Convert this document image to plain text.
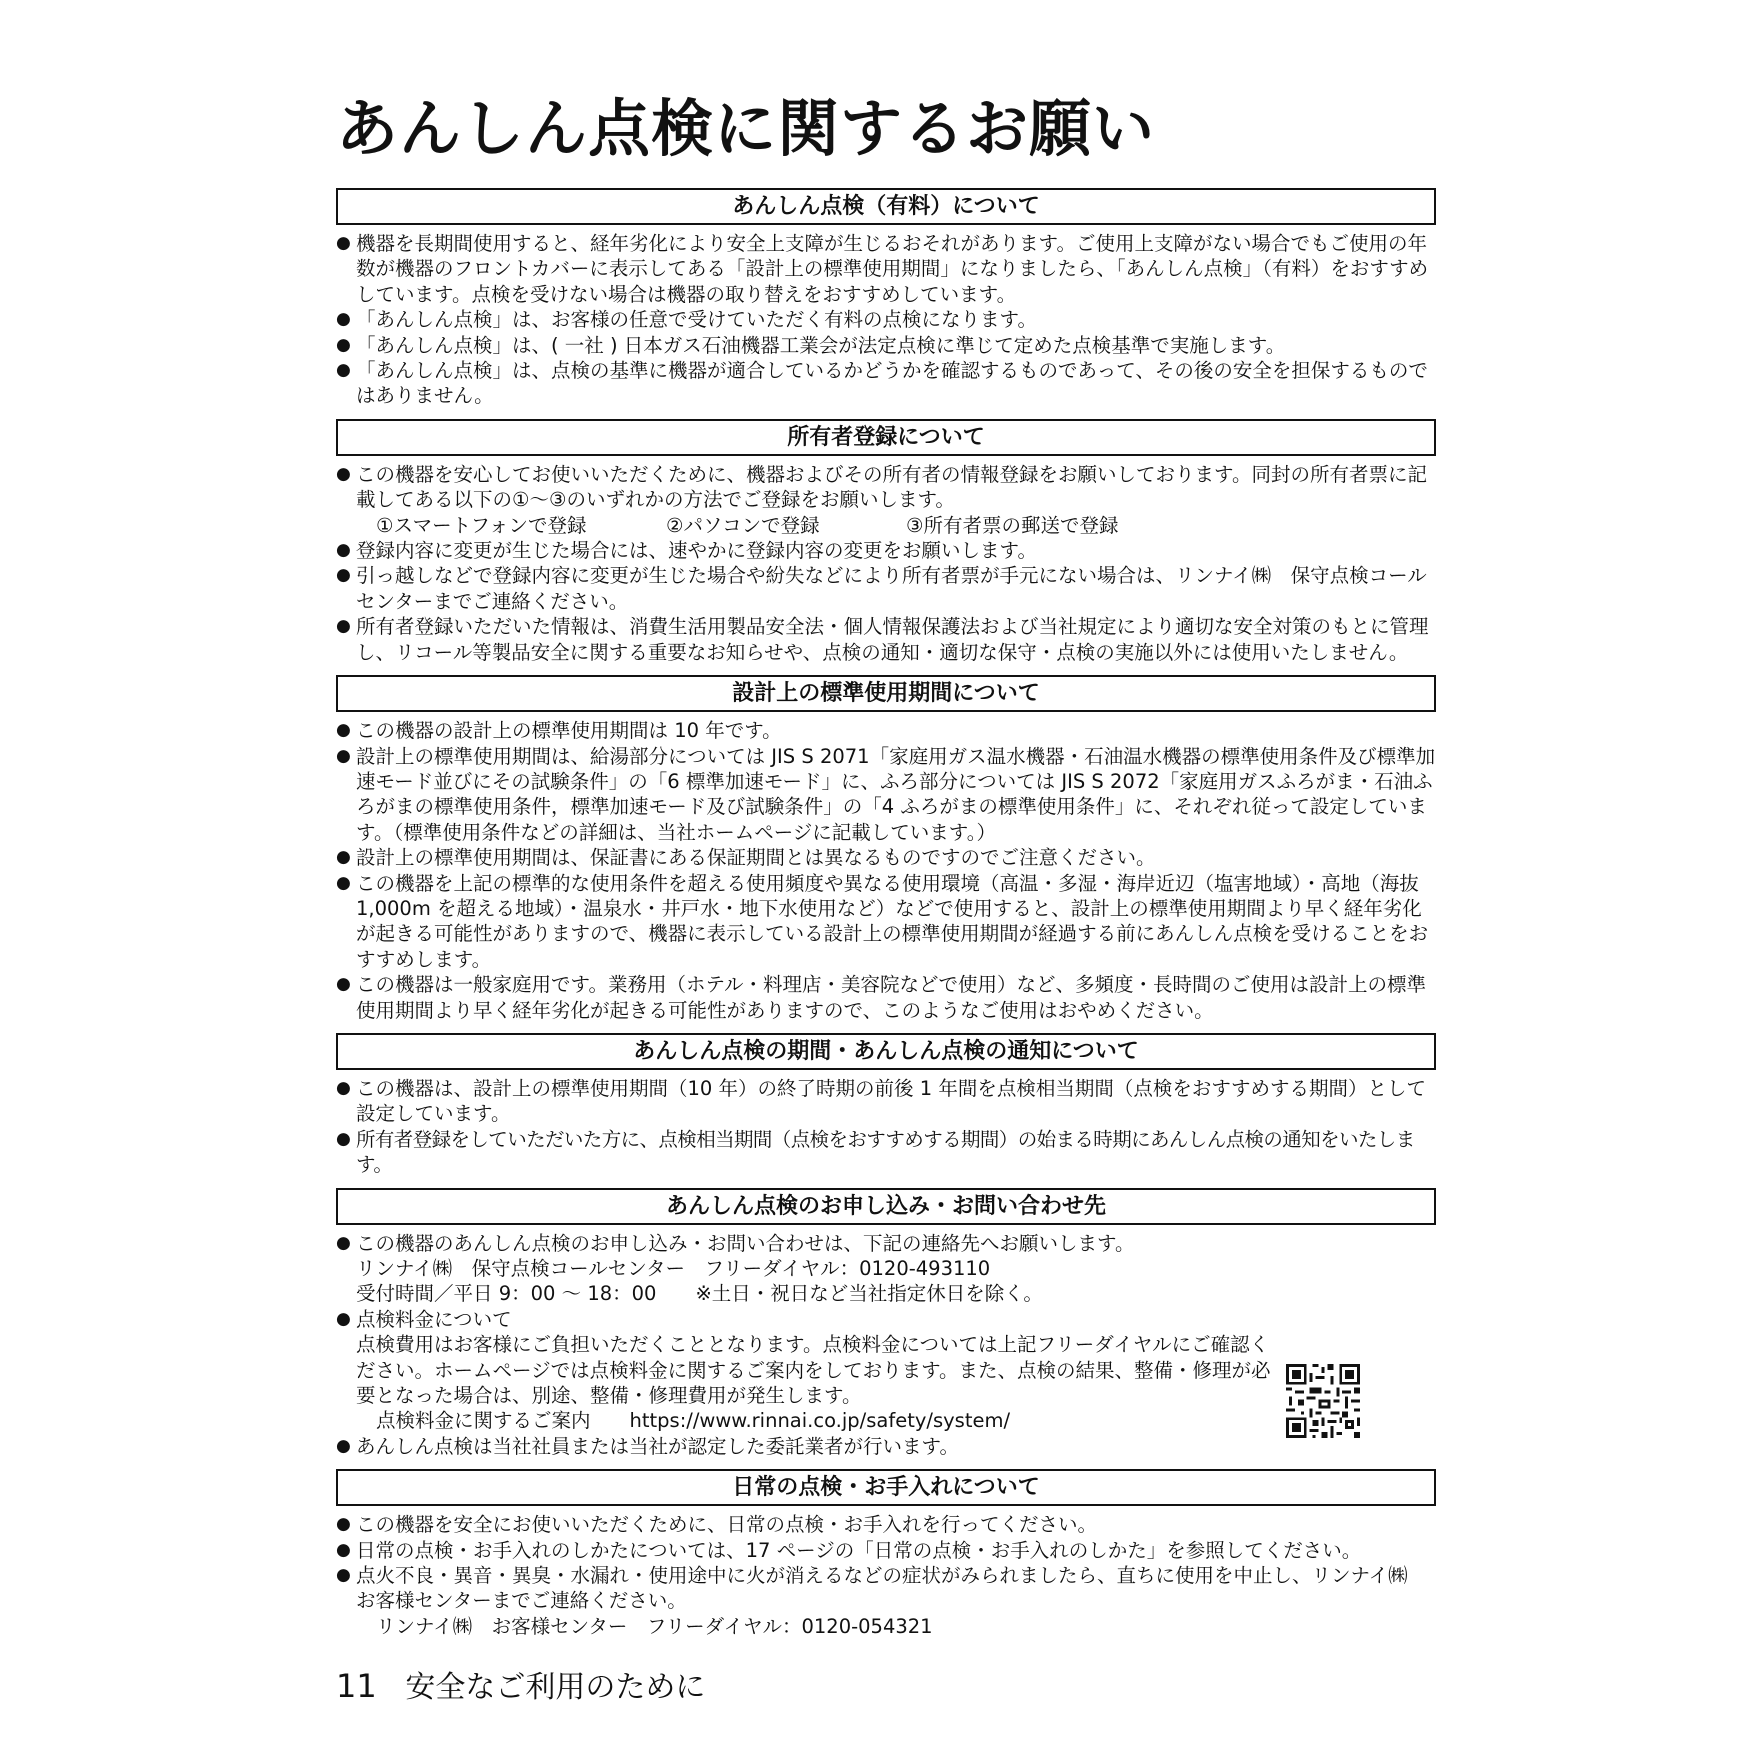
あんしん点検に関するお願い
あんしん点検（有料）について
● 機器を長期間使用すると、経年劣化により安全上支障が生じるおそれがあります。ご使用上支障がない場合でもご使用の年数が機器のフロントカバーに表示してある「設計上の標準使用期間」になりましたら、「あんしん点検」（有料）をおすすめしています。点検を受けない場合は機器の取り替えをおすすめしています。
● 「あんしん点検」は、お客様の任意で受けていただく有料の点検になります。
● 「あんしん点検」は、( 一社 ) 日本ガス石油機器工業会が法定点検に準じて定めた点検基準で実施します。
● 「あんしん点検」は、点検の基準に機器が適合しているかどうかを確認するものであって、その後の安全を担保するものではありません。
所有者登録について
● この機器を安心してお使いいただくために、機器およびその所有者の情報登録をお願いしております。同封の所有者票に記載してある以下の①～③のいずれかの方法でご登録をお願いします。
①スマートフォンで登録	②パソコンで登録	③所有者票の郵送で登録
● 登録内容に変更が生じた場合には、速やかに登録内容の変更をお願いします。
● 引っ越しなどで登録内容に変更が生じた場合や紛失などにより所有者票が手元にない場合は、リンナイ㈱　保守点検コールセンターまでご連絡ください。
● 所有者登録いただいた情報は、消費生活用製品安全法・個人情報保護法および当社規定により適切な安全対策のもとに管理し、リコール等製品安全に関する重要なお知らせや、点検の通知・適切な保守・点検の実施以外には使用いたしません。
設計上の標準使用期間について
● この機器の設計上の標準使用期間は 10 年です。
● 設計上の標準使用期間は、給湯部分については JIS S 2071「家庭用ガス温水機器・石油温水機器の標準使用条件及び標準加速モード並びにその試験条件」の「6 標準加速モード」に、ふろ部分については JIS S 2072「家庭用ガスふろがま・石油ふろがまの標準使用条件，標準加速モード及び試験条件」の「4 ふろがまの標準使用条件」に、それぞれ従って設定しています。（標準使用条件などの詳細は、当社ホームページに記載しています。）
● 設計上の標準使用期間は、保証書にある保証期間とは異なるものですのでご注意ください。
● この機器を上記の標準的な使用条件を超える使用頻度や異なる使用環境（高温・多湿・海岸近辺（塩害地域）・高地（海抜 1,000m を超える地域）・温泉水・井戸水・地下水使用など）などで使用すると、設計上の標準使用期間より早く経年劣化が起きる可能性がありますので、機器に表示している設計上の標準使用期間が経過する前にあんしん点検を受けることをおすすめします。
● この機器は一般家庭用です。業務用（ホテル・料理店・美容院などで使用）など、多頻度・長時間のご使用は設計上の標準使用期間より早く経年劣化が起きる可能性がありますので、このようなご使用はおやめください。
あんしん点検の期間・あんしん点検の通知について
● この機器は、設計上の標準使用期間（10 年）の終了時期の前後 1 年間を点検相当期間（点検をおすすめする期間）として設定しています。
● 所有者登録をしていただいた方に、点検相当期間（点検をおすすめする期間）の始まる時期にあんしん点検の通知をいたします。
あんしん点検のお申し込み・お問い合わせ先
● この機器のあんしん点検のお申し込み・お問い合わせは、下記の連絡先へお願いします。
リンナイ㈱　保守点検コールセンター　フリーダイヤル：0120-493110
受付時間／平日 9：00 ～ 18：00　　※土日・祝日など当社指定休日を除く。
● 点検料金について
点検費用はお客様にご負担いただくこととなります。点検料金については上記フリーダイヤルにご確認ください。ホームページでは点検料金に関するご案内をしております。また、点検の結果、整備・修理が必要となった場合は、別途、整備・修理費用が発生します。
点検料金に関するご案内　　https://www.rinnai.co.jp/safety/system/
● あんしん点検は当社社員または当社が認定した委託業者が行います。
日常の点検・お手入れについて
● この機器を安全にお使いいただくために、日常の点検・お手入れを行ってください。
● 日常の点検・お手入れのしかたについては、17 ページの「日常の点検・お手入れのしかた」を参照してください。
● 点火不良・異音・異臭・水漏れ・使用途中に火が消えるなどの症状がみられましたら、直ちに使用を中止し、リンナイ㈱　お客様センターまでご連絡ください。
リンナイ㈱　お客様センター　フリーダイヤル：0120-054321
11 安全なご利用のために
